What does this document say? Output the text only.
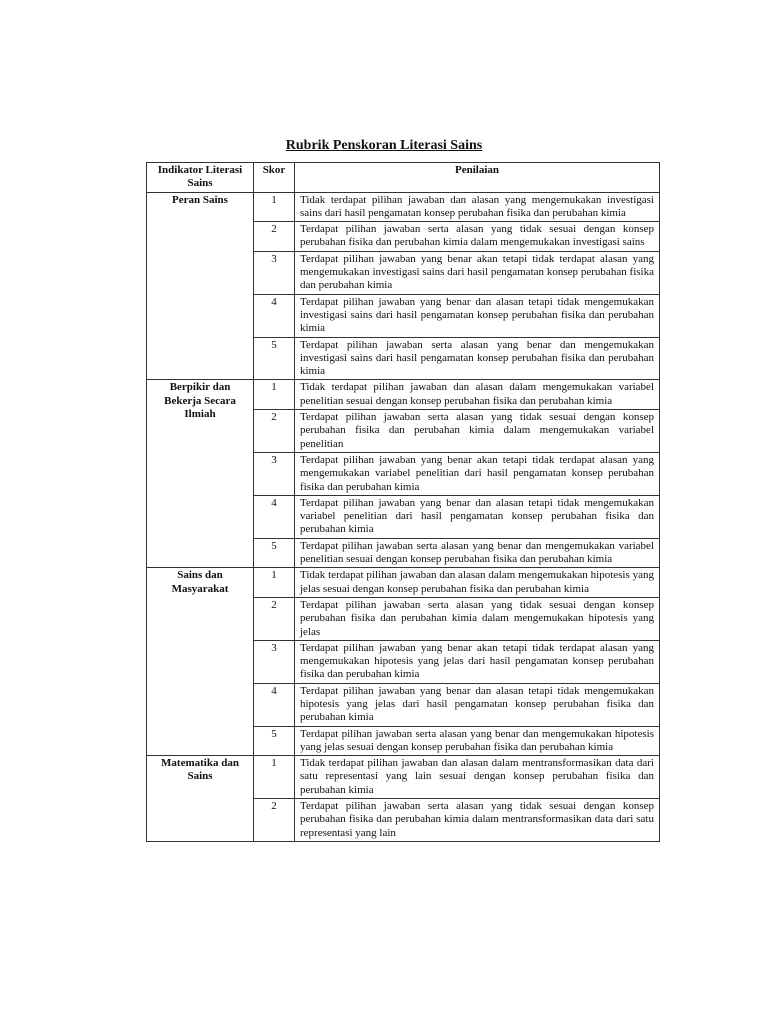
Rubrik Penskoran Literasi Sains
Indikator Literasi Sains	Skor	Penilaian
Peran Sains	1	Tidak terdapat pilihan jawaban dan alasan yang mengemukakan investigasi sains dari hasil pengamatan konsep perubahan fisika dan perubahan kimia
	2	Terdapat pilihan jawaban serta alasan yang tidak sesuai dengan konsep perubahan fisika dan perubahan kimia dalam mengemukakan investigasi sains
	3	Terdapat pilihan jawaban yang benar akan tetapi tidak terdapat alasan yang mengemukakan investigasi sains dari hasil pengamatan konsep perubahan fisika dan perubahan kimia
	4	Terdapat pilihan jawaban yang benar dan alasan tetapi tidak mengemukakan investigasi sains dari hasil pengamatan konsep perubahan fisika dan perubahan kimia
	5	Terdapat pilihan jawaban serta alasan yang benar dan mengemukakan investigasi sains dari hasil pengamatan konsep perubahan fisika dan perubahan kimia
Berpikir dan Bekerja Secara Ilmiah	1	Tidak terdapat pilihan jawaban dan alasan dalam mengemukakan variabel penelitian sesuai dengan konsep perubahan fisika dan perubahan kimia
	2	Terdapat pilihan jawaban serta alasan yang tidak sesuai dengan konsep perubahan fisika dan perubahan kimia dalam mengemukakan variabel penelitian
	3	Terdapat pilihan jawaban yang benar akan tetapi tidak terdapat alasan yang mengemukakan variabel penelitian dari hasil pengamatan konsep perubahan fisika dan perubahan kimia
	4	Terdapat pilihan jawaban yang benar dan alasan tetapi tidak mengemukakan variabel penelitian dari hasil pengamatan konsep perubahan fisika dan perubahan kimia
	5	Terdapat pilihan jawaban serta alasan yang benar dan mengemukakan variabel penelitian sesuai dengan konsep perubahan fisika dan perubahan kimia
Sains dan Masyarakat	1	Tidak terdapat pilihan jawaban dan alasan dalam mengemukakan hipotesis yang jelas sesuai dengan konsep perubahan fisika dan perubahan kimia
	2	Terdapat pilihan jawaban serta alasan yang tidak sesuai dengan konsep perubahan fisika dan perubahan kimia dalam mengemukakan hipotesis yang jelas
	3	Terdapat pilihan jawaban yang benar akan tetapi tidak terdapat alasan yang mengemukakan hipotesis yang jelas dari hasil pengamatan konsep perubahan fisika dan perubahan kimia
	4	Terdapat pilihan jawaban yang benar dan alasan tetapi tidak mengemukakan hipotesis yang jelas dari hasil pengamatan konsep perubahan fisika dan perubahan kimia
	5	Terdapat pilihan jawaban serta alasan yang benar dan mengemukakan hipotesis yang jelas sesuai dengan konsep perubahan fisika dan perubahan kimia
Matematika dan Sains	1	Tidak terdapat pilihan jawaban dan alasan dalam mentransformasikan data dari satu representasi yang lain sesuai dengan konsep perubahan fisika dan perubahan kimia
	2	Terdapat pilihan jawaban serta alasan yang tidak sesuai dengan konsep perubahan fisika dan perubahan kimia dalam mentransformasikan data dari satu representasi yang lain
